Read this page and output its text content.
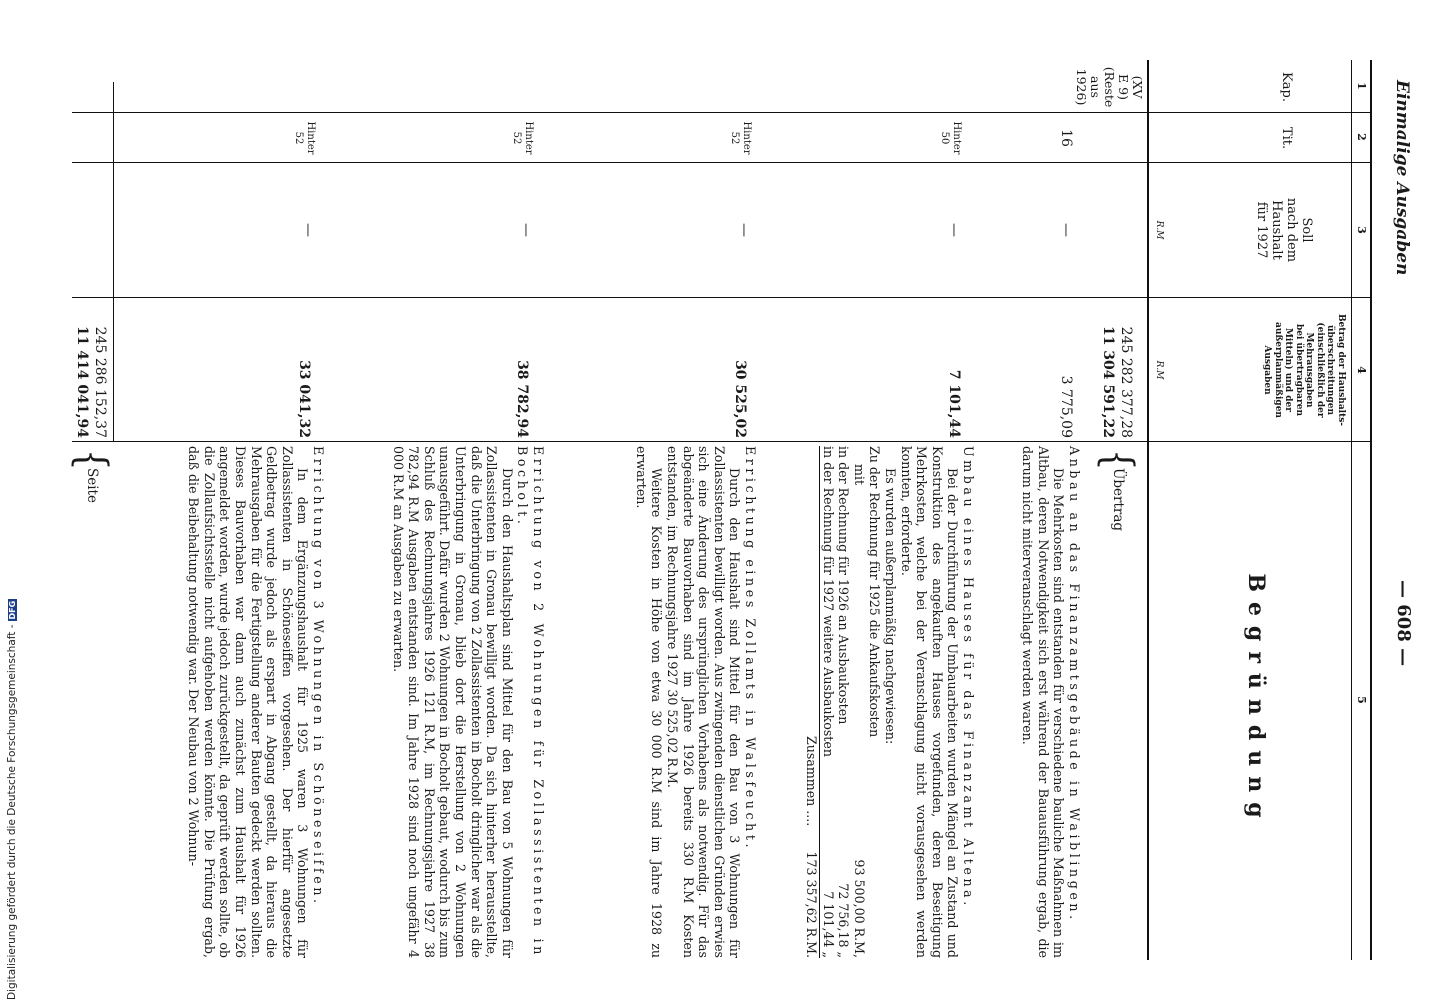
Einmalige Ausgaben
— 608 —
1
2
3
4
5
Kap.
Tit.
Soll
nach dem
Haushalt
für 1927
R.M
Betrag der Haushalts-
überschreitungen
(einschließlich der
Mehrausgaben
bei übertragbaren
Mitteln) und der
außerplanmäßigen
Ausgaben
R.M
Begründung
(XV
E 9)
(Reste aus
1926)
245 282 377,28
11 304 591,22
{
Übertrag
16
—
3 775,09
Anbau an das Finanzamtsgebäude in Waiblingen.
Die Mehrkosten sind entstanden für verschiedene bauliche Maßnahmen im Altbau, deren Notwendigkeit sich erst während der Bauausführung ergab, die darum nicht miterveranschlagt werden waren.
Hinter 50
—
7 101,44
Umbau eines Hauses für das Finanzamt Altena.
Bei der Durchführung der Umbauarbeiten wurden Mängel an Zustand und Konstruktion des angekauften Hauses vorgefunden, deren Beseitigung Mehrkosten, welche bei der Veranschlagung nicht vorausgesehen werden konnten, erforderte.
Es wurden außerplanmäßig nachgewiesen:
Zu der Rechnung für 1925 die Ankaufskosten
mit
93 500,00 R.M,
in der Rechnung für 1926 an Ausbaukosten
72 756,18 „
in der Rechnung für 1927 weitere Ausbaukosten
7 101,44 „
Zusammen ....
173 357,62 R.M.
Hinter 52
—
30 525,02
Errichtung eines Zollamts in Walsfeucht.
Durch den Haushalt sind Mittel für den Bau von 3 Wohnungen für Zollassistenten bewilligt worden. Aus zwingenden dienstlichen Gründen erwies sich eine Änderung des ursprünglichen Vorhabens als notwendig. Für das abgeänderte Bauvorhaben sind im Jahre 1926 bereits 330 R.M Kosten entstanden, im Rechnungsjahre 1927 30 525,02 R.M.
Weitere Kosten in Höhe von etwa 30 000 R.M sind im Jahre 1928 zu erwarten.
Hinter 52
—
38 782,94
Errichtung von 2 Wohnungen für Zollassistenten in Bocholt.
Durch den Haushaltsplan sind Mittel für den Bau von 5 Wohnungen für Zollassistenten in Gronau bewilligt worden. Da sich hinterher herausstellte, daß die Unterbringung von 2 Zollassistenten in Bocholt dringlicher war als die Unterbringung in Gronau, blieb dort die Herstellung von 2 Wohnungen unausgeführt. Dafür wurden 2 Wohnungen in Bocholt gebaut, wodurch bis zum Schluß des Rechnungsjahres 1926 121 R.M, im Rechnungsjahre 1927 38 782,94 R.M Ausgaben entstanden sind. Im Jahre 1928 sind noch ungefähr 4 000 R.M an Ausgaben zu erwarten.
Hinter 52
—
33 041,32
Errichtung von 3 Wohnungen in Schöneseiffen.
In dem Ergänzungshaushalt für 1925 waren 3 Wohnungen für Zollassistenten in Schöneseiffen vorgesehen. Der hierfür angesetzte Geldbetrag wurde jedoch als erspart in Abgang gestellt, da hieraus die Mehrausgaben für die Fertigstellung anderer Bauten gedeckt werden sollten. Dieses Bauvorhaben war dann auch zunächst zum Haushalt für 1926 angemeldet worden, wurde jedoch zurückgestellt, da geprüft werden sollte, ob die Zollaufsichtsstelle nicht aufgehoben werden könnte. Die Prüfung ergab, daß die Beibehaltung notwendig war. Der Neubau von 2 Wohnun-
245 286 152,37
11 414 041,94
{
Seite
Digitalisierung gefördert durch die Deutsche Forschungsgemeinschaft -DFG
